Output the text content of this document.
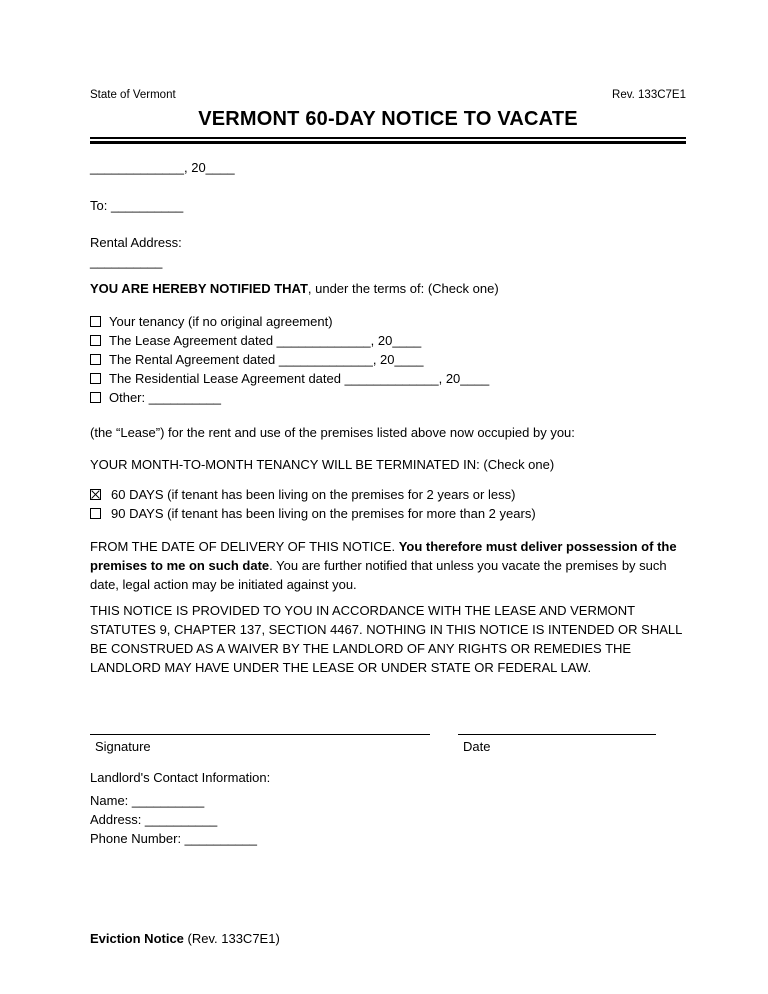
State of Vermont	Rev. 133C7E1
VERMONT 60-DAY NOTICE TO VACATE
_____________, 20____
To: __________
Rental Address:
__________
YOU ARE HEREBY NOTIFIED THAT, under the terms of: (Check one)
Your tenancy (if no original agreement)
The Lease Agreement dated _____________, 20____
The Rental Agreement dated _____________, 20____
The Residential Lease Agreement dated _____________, 20____
Other: __________
(the “Lease”) for the rent and use of the premises listed above now occupied by you:
YOUR MONTH-TO-MONTH TENANCY WILL BE TERMINATED IN: (Check one)
60 DAYS (if tenant has been living on the premises for 2 years or less)
90 DAYS (if tenant has been living on the premises for more than 2 years)
FROM THE DATE OF DELIVERY OF THIS NOTICE. You therefore must deliver possession of the premises to me on such date. You are further notified that unless you vacate the premises by such date, legal action may be initiated against you.
THIS NOTICE IS PROVIDED TO YOU IN ACCORDANCE WITH THE LEASE AND VERMONT STATUTES 9, CHAPTER 137, SECTION 4467. NOTHING IN THIS NOTICE IS INTENDED OR SHALL BE CONSTRUED AS A WAIVER BY THE LANDLORD OF ANY RIGHTS OR REMEDIES THE LANDLORD MAY HAVE UNDER THE LEASE OR UNDER STATE OR FEDERAL LAW.
Signature	Date
Landlord's Contact Information:
Name: __________
Address: __________
Phone Number: __________
Eviction Notice (Rev. 133C7E1)
